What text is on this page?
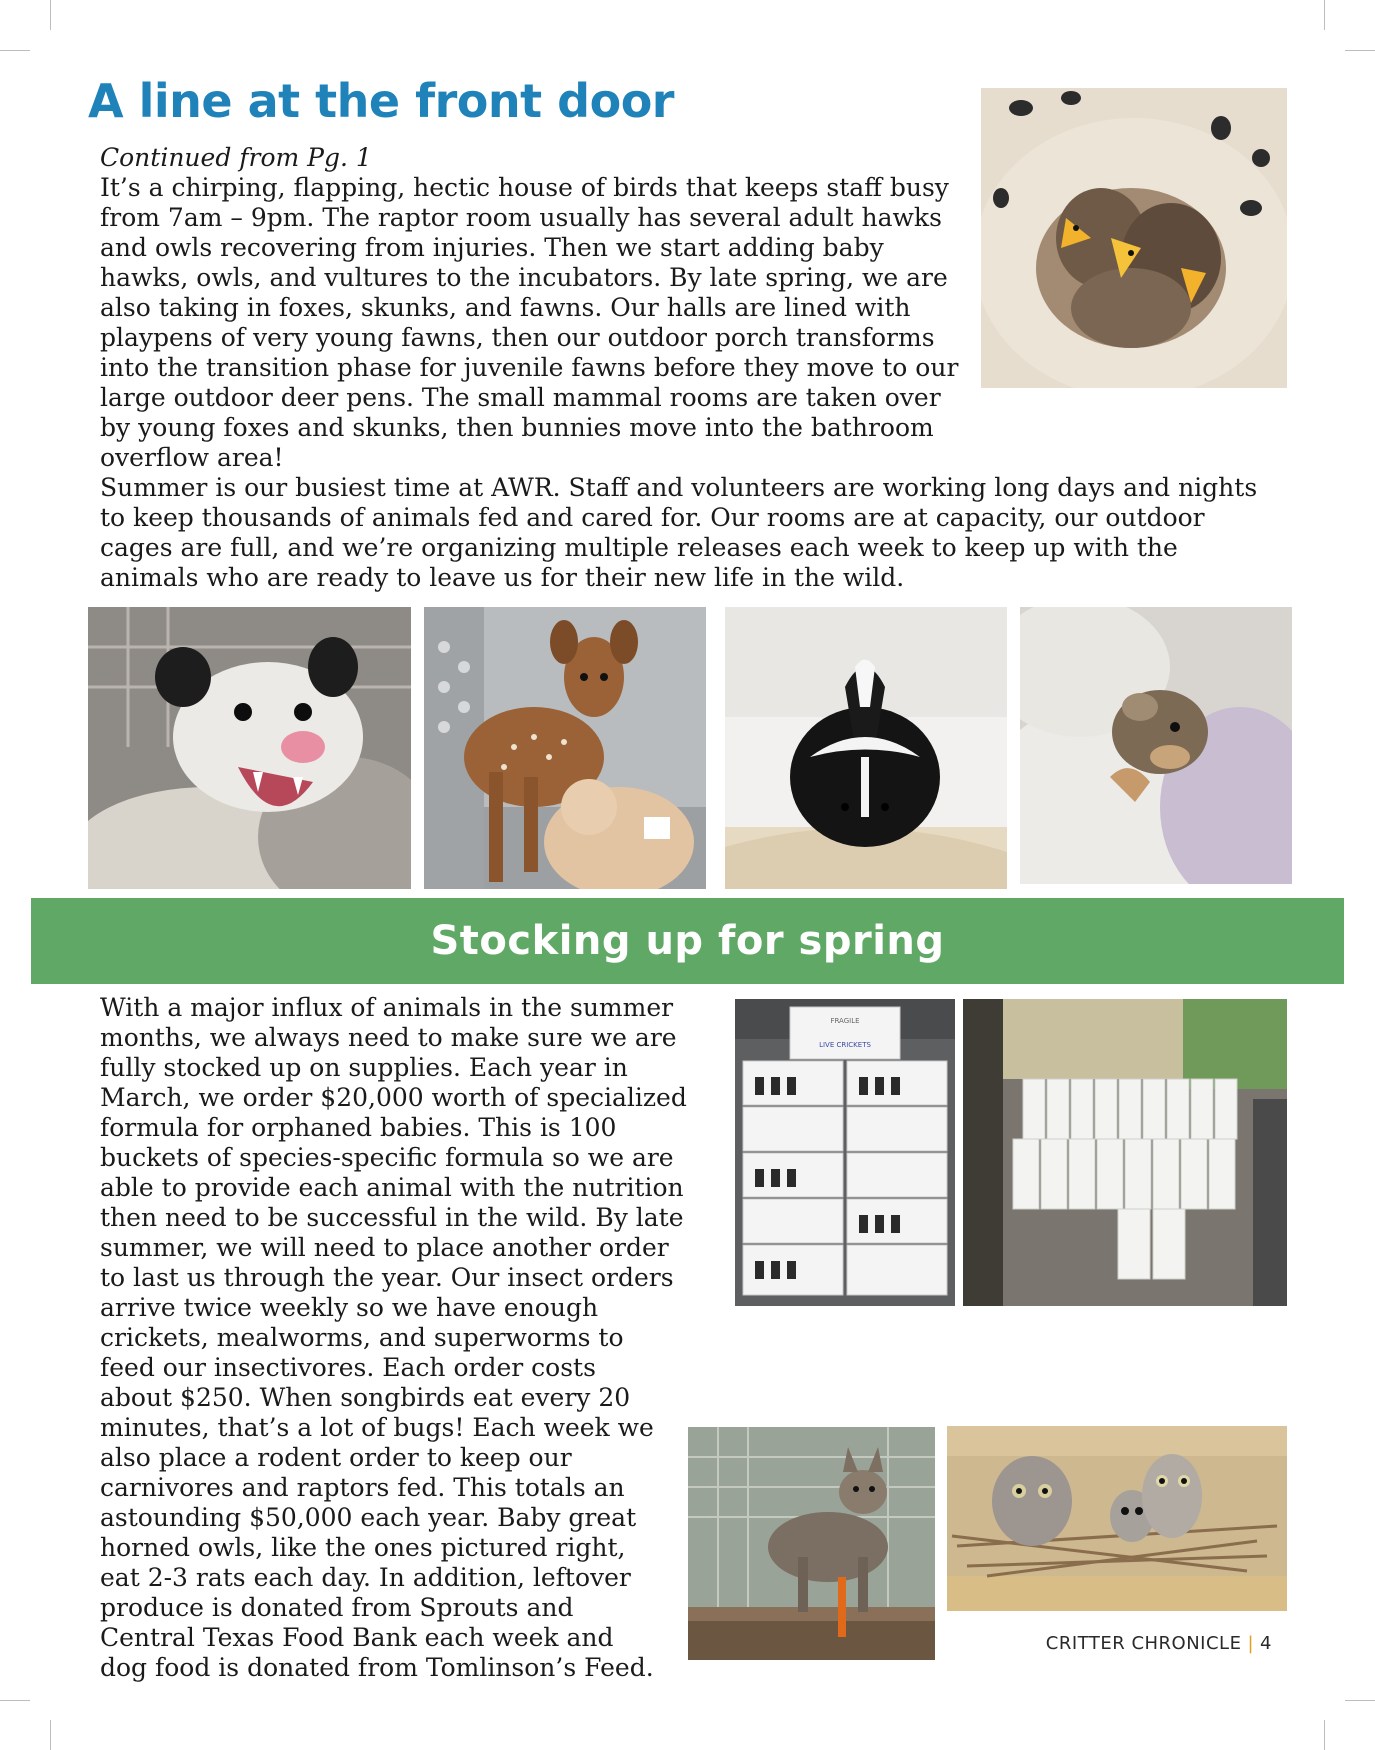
A line at the front door

Continued from Pg. 1

It’s a chirping, flapping, hectic house of birds that keeps staff busy from 7am – 9pm. The raptor room usually has several adult hawks and owls recovering from injuries. Then we start adding baby hawks, owls, and vultures to the incubators. By late spring, we are also taking in foxes, skunks, and fawns. Our halls are lined with playpens of very young fawns, then our outdoor porch transforms into the transition phase for juvenile fawns before they move to our large outdoor deer pens. The small mammal rooms are taken over by young foxes and skunks, then bunnies move into the bathroom overflow area!

Summer is our busiest time at AWR. Staff and volunteers are working long days and nights to keep thousands of animals fed and cared for. Our rooms are at capacity, our outdoor cages are full, and we’re organizing multiple releases each week to keep up with the animals who are ready to leave us for their new life in the wild.

Stocking up for spring

With a major influx of animals in the summer months, we always need to make sure we are fully stocked up on supplies. Each year in March, we order $20,000 worth of specialized formula for orphaned babies. This is 100 buckets of species-specific formula so we are able to provide each animal with the nutrition then need to be successful in the wild. By late summer, we will need to place another order to last us through the year. Our insect orders arrive twice weekly so we have enough crickets, mealworms, and superworms to feed our insectivores. Each order costs about $250. When songbirds eat every 20 minutes, that’s a lot of bugs! Each week we also place a rodent order to keep our carnivores and raptors fed. This totals an astounding $50,000 each year. Baby great horned owls, like the ones pictured right, eat 2-3 rats each day. In addition, leftover produce is donated from Sprouts and Central Texas Food Bank each week and dog food is donated from Tomlinson’s Feed.

FRAGILE
LIVE CRICKETS
CRITTER CHRONICLE | 4
